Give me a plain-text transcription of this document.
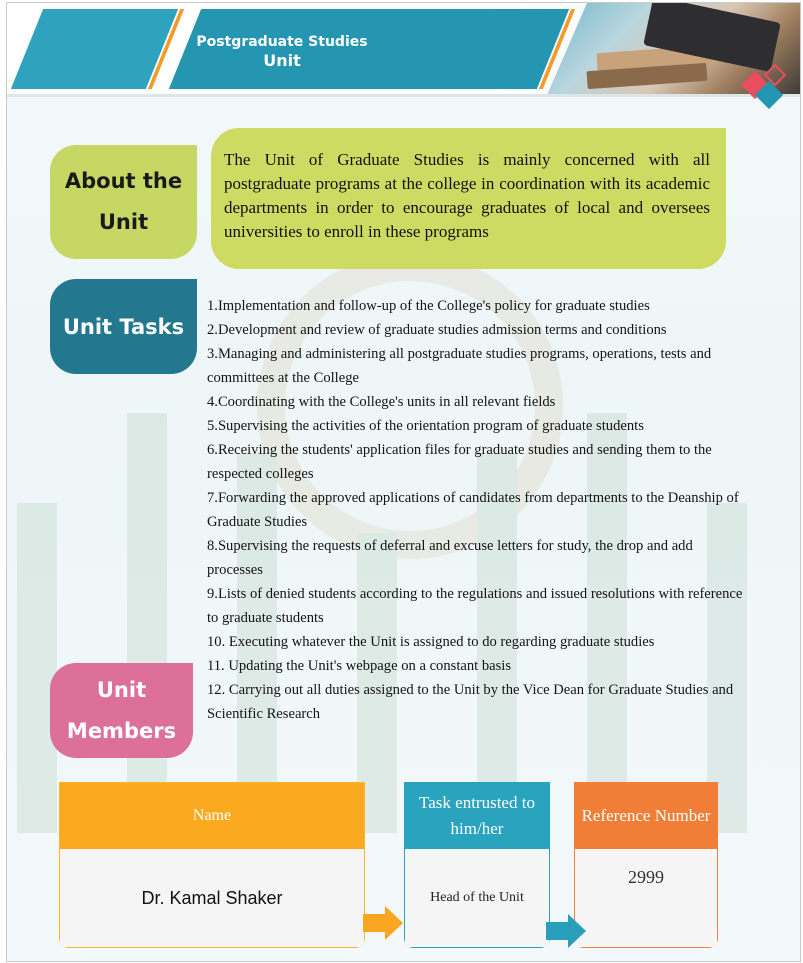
Postgraduate Studies
Unit
About the Unit
The Unit of Graduate Studies is mainly concerned with all postgraduate programs at the college in coordination with its academic departments in order to encourage graduates of local and oversees universities to enroll in these programs
Unit Tasks
1.Implementation and follow-up of the College's policy for graduate studies
2.Development and review of graduate studies admission terms and conditions
3.Managing and administering all postgraduate studies programs, operations, tests and committees at the College
4.Coordinating with the College's units in all relevant fields
5.Supervising the activities of the orientation program of graduate students
6.Receiving the students' application files for graduate studies and sending them to the respected colleges
7.Forwarding the approved applications of candidates from departments to the Deanship of Graduate Studies
8.Supervising the requests of deferral and excuse letters for study, the drop and add processes
9.Lists of denied students according to the regulations and issued resolutions with reference to graduate students
10. Executing whatever the Unit is assigned to do regarding graduate studies
11. Updating the Unit's webpage on a constant basis
12. Carrying out all duties assigned to the Unit by the Vice Dean for Graduate Studies and Scientific Research
Unit Members
Name
Dr. Kamal Shaker
Task entrusted to him/her
Head of the Unit
Reference Number
2999
